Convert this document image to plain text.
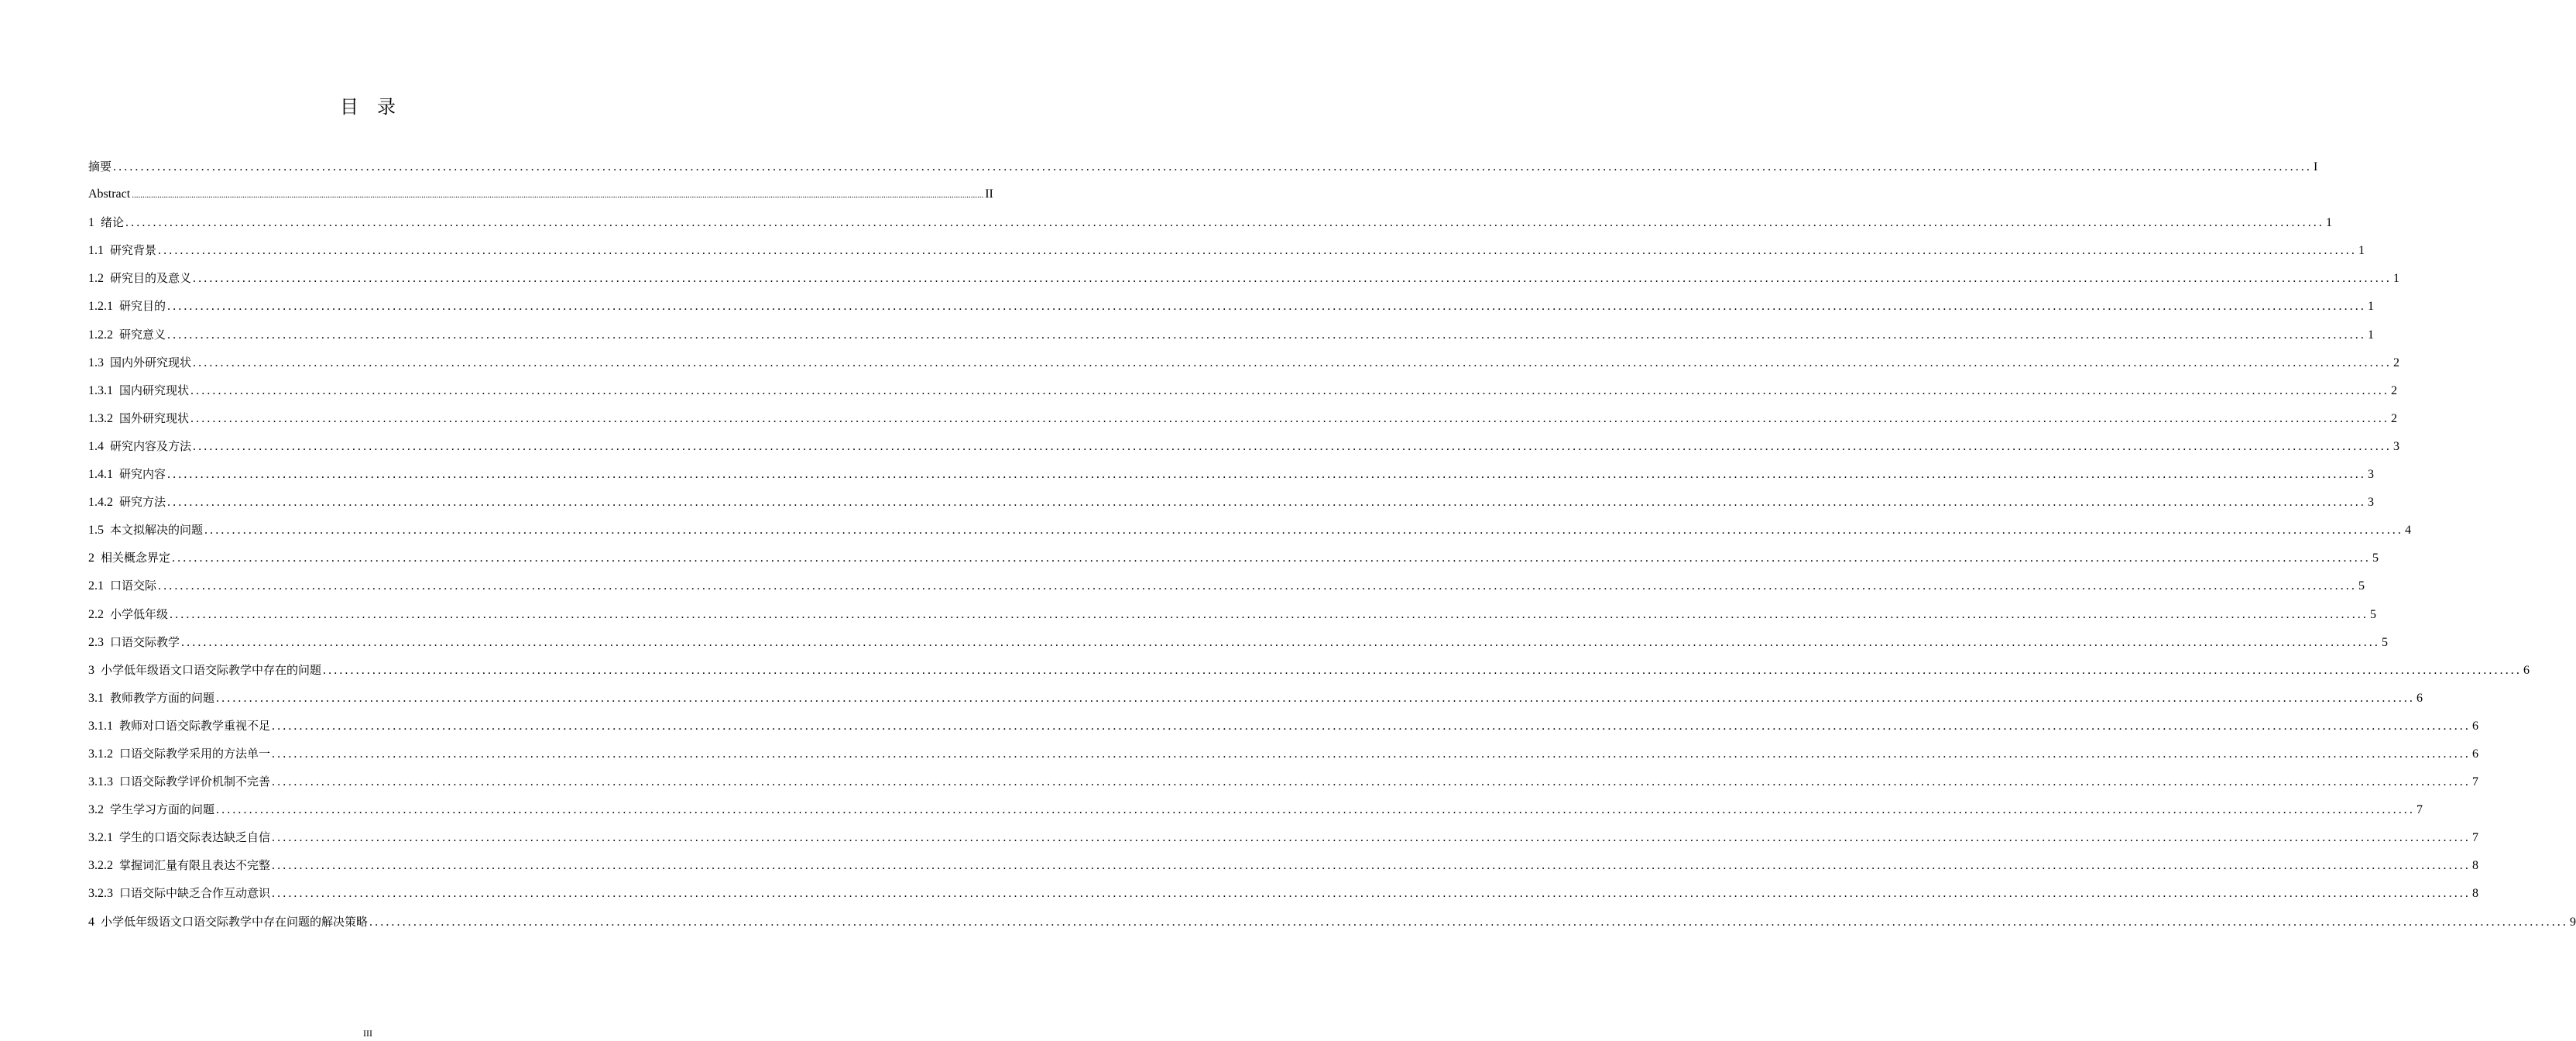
目　录
摘要 ................................................................................................................................................................................................................................................................................................................................................................................................................ I
Abstract ................................................................................................................................................................................................................................................................................................................................................................................................................ II
1 绪论 ................................................................................................................................................................................................................................................................................................................................................................................................................ 1
1.1 研究背景 ................................................................................................................................................................................................................................................................................................................................................................................................................ 1
1.2 研究目的及意义 ................................................................................................................................................................................................................................................................................................................................................................................................................ 1
1.2.1 研究目的 ................................................................................................................................................................................................................................................................................................................................................................................................................ 1
1.2.2 研究意义 ................................................................................................................................................................................................................................................................................................................................................................................................................ 1
1.3 国内外研究现状 ................................................................................................................................................................................................................................................................................................................................................................................................................ 2
1.3.1 国内研究现状 ................................................................................................................................................................................................................................................................................................................................................................................................................ 2
1.3.2 国外研究现状 ................................................................................................................................................................................................................................................................................................................................................................................................................ 2
1.4 研究内容及方法 ................................................................................................................................................................................................................................................................................................................................................................................................................ 3
1.4.1 研究内容 ................................................................................................................................................................................................................................................................................................................................................................................................................ 3
1.4.2 研究方法 ................................................................................................................................................................................................................................................................................................................................................................................................................ 3
1.5 本文拟解决的问题 ................................................................................................................................................................................................................................................................................................................................................................................................................ 4
2 相关概念界定 ................................................................................................................................................................................................................................................................................................................................................................................................................ 5
2.1 口语交际 ................................................................................................................................................................................................................................................................................................................................................................................................................ 5
2.2 小学低年级 ................................................................................................................................................................................................................................................................................................................................................................................................................ 5
2.3 口语交际教学 ................................................................................................................................................................................................................................................................................................................................................................................................................ 5
3 小学低年级语文口语交际教学中存在的问题 ................................................................................................................................................................................................................................................................................................................................................................................................................ 6
3.1 教师教学方面的问题 ................................................................................................................................................................................................................................................................................................................................................................................................................ 6
3.1.1 教师对口语交际教学重视不足 ................................................................................................................................................................................................................................................................................................................................................................................................................ 6
3.1.2 口语交际教学采用的方法单一 ................................................................................................................................................................................................................................................................................................................................................................................................................ 6
3.1.3 口语交际教学评价机制不完善 ................................................................................................................................................................................................................................................................................................................................................................................................................ 7
3.2 学生学习方面的问题 ................................................................................................................................................................................................................................................................................................................................................................................................................ 7
3.2.1 学生的口语交际表达缺乏自信 ................................................................................................................................................................................................................................................................................................................................................................................................................ 7
3.2.2 掌握词汇量有限且表达不完整 ................................................................................................................................................................................................................................................................................................................................................................................................................ 8
3.2.3 口语交际中缺乏合作互动意识 ................................................................................................................................................................................................................................................................................................................................................................................................................ 8
4 小学低年级语文口语交际教学中存在问题的解决策略 ................................................................................................................................................................................................................................................................................................................................................................................................................ 9
III
